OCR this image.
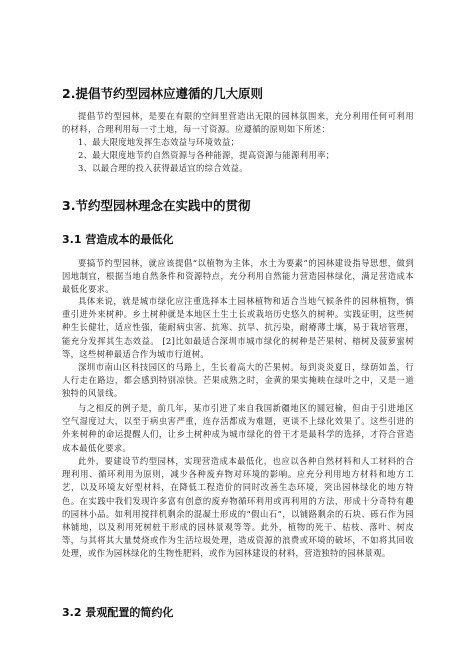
2.提倡节约型园林应遵循的几大原则
提倡节约型园林，是要在有限的空间里营造出无限的园林氛围来，充分利用任何可利用的材料，合理利用每一寸土地，每一寸资源。应遵循的原则如下所述：
1、最大限度地发挥生态效益与环境效益；
2、最大限度地节约自然资源与各种能源，提高资源与能源利用率；
3、以最合理的投入获得最适宜的综合效益。
3.节约型园林理念在实践中的贯彻
3.1 营造成本的最低化
要搞节约型园林，就应该提倡“以植物为主体，水土为要素”的园林建设指导思想，做到因地制宜，根据当地自然条件和资源特点，充分利用自然能力营造园林绿化，满足营造成本最低化要求。
具体来说，就是城市绿化应注重选择本土园林植物和适合当地气候条件的园林植物，慎重引进外来树种。乡土树种就是本地区土生土长或栽培历史悠久的树种。实践证明，这些树种生长健壮，适应性强，能耐病虫害、抗寒、抗旱、抗污染，耐瘠薄土壤，易于栽培管理，能充分发挥其生态效益。 [2]比如最适合深圳市城市绿化的树种是芒果树、榕树及菠萝蜜树等，这些树种最适合作为城市行道树。
深圳市南山区科技园区的马路上，生长着高大的芒果树。每到炎炎夏日，绿荫如盖，行人行走在路边，都会感到特别凉快。芒果成熟之时，金黄的果实掩映在绿叶之中，又是一道独特的风景线。
与之相反的例子是，前几年，某市引进了来自我国新疆地区的圆冠榆，但由于引进地区空气湿度过大，以至于病虫害严重，连存活都成为难题，更谈不上绿化效果了。这些引进的外来树种的命运提醒人们，让乡土树种成为城市绿化的骨干才是最科学的选择，才符合营造成本最低化要求。
此外，要建设节约型园林，实现营造成本最低化，也应以各种自然材料和人工材料的合理利用、循环利用为原则，减少各种废弃物对环境的影响。应充分利用地方材料和地方工艺，以及环境友好型材料，在降低工程造价的同时改善生态环境，突出园林绿化的地方特色。在实践中我们发现许多富有创意的废弃物循环利用或再利用的方法，形成十分奇特有趣的园林小品。如利用搅拌机剩余的混凝土形成的“假山石”，以铺路剩余的石块、砾石作为园林铺地，以及利用死树桩干形成的园林景观等等。此外，植物的死干、枯枝、落叶、树皮等，与其将其大量焚烧或作为生活垃圾处理，造成资源的浪费或环境的破坏，不如将其回收处理，或作为园林绿化的生物性肥料，或作为园林建设的材料，营造独特的园林景观。
3.2 景观配置的简约化
